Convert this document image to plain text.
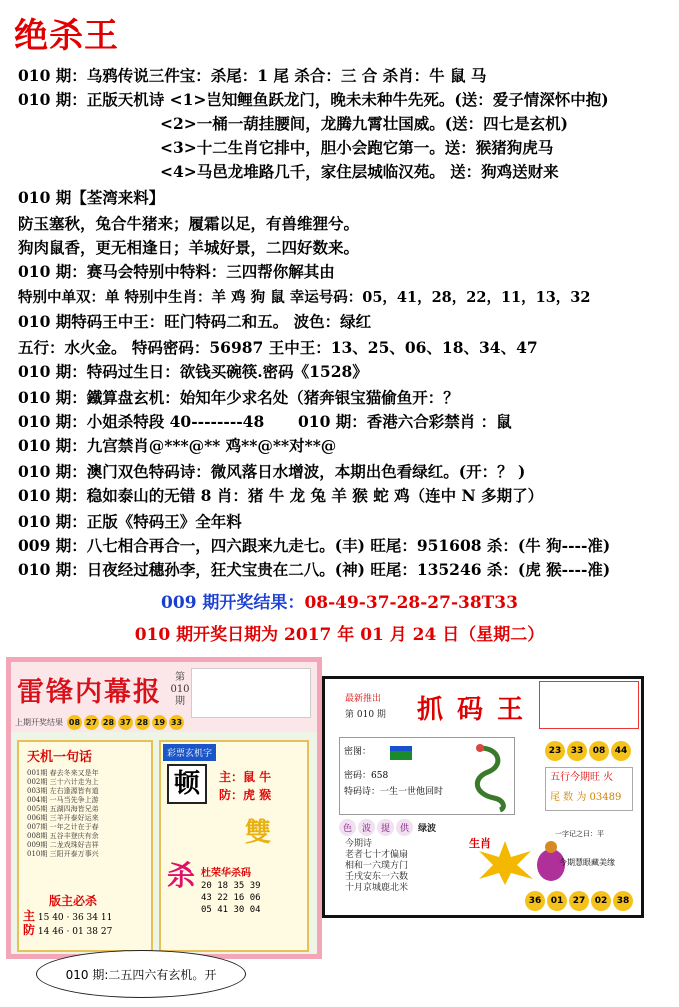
绝杀王
010 期：乌鸦传说三件宝：杀尾：1 尾 杀合：三 合 杀肖：牛 鼠 马
010 期：正版天机诗 <1>岂知鲤鱼跃龙门，晚未未种牛先死。(送：爱子情深怀中抱)
<2>一桶一葫挂腰间，龙腾九霄壮国威。(送：四七是玄机)
<3>十二生肖它排中，胆小会跑它第一。送：猴猪狗虎马
<4>马邑龙堆路几千，家住层城临汉苑。 送：狗鸡送财来
010 期【荃湾来料】
防玉塞秋，兔合牛猪来；履霜以足，有兽维狸兮。
狗肉鼠香，更无相逢日；羊城好景，二四好数来。
010 期：赛马会特别中特料：三四帮你解其由
特别中单双：单 特别中生肖：羊 鸡 狗 鼠 幸运号码：05，41，28，22，11，13，32
010 期特码王中王：旺门特码二和五。 波色：绿红
五行：水火金。 特码密码：56987 王中王：13、25、06、18、34、47
010 期：特码过生日：欲钱买碗筷.密码《1528》
010 期：鐵算盘玄机：始知年少求名处（猪奔银宝猫偷鱼开：？
010 期：小姐杀特段 40--------48 010 期：香港六合彩禁肖 ：鼠
010 期：九宫禁肖@***@** 鸡**@**对**@
010 期：澳门双色特码诗：微风落日水增波，本期出色看绿红。(开：？ )
010 期：稳如泰山的无错 8 肖：猪 牛 龙 兔 羊 猴 蛇 鸡（连中 N 多期了）
010 期：正版《特码王》全年料
009 期：八七相合再合一，四六跟来九走七。(丰) 旺尾：951608 杀：(牛 狗----准)
010 期：日夜经过穗孙李，狂犬宝贵在二八。(神) 旺尾：135246 杀：(虎 猴----准)
009 期开奖结果：08-49-37-28-27-38T33
010 期开奖日期为 2017 年 01 月 24 日（星期二）
雷锋内幕报	第010期
上期开奖结果 08 27 28 37 28 19 33
天机一句话
001期 春去冬来又是年
002期 三十六计走为上
003期 左右逢源皆有道
004期 一马当先争上游
005期 五湖四海皆兄弟
006期 三羊开泰好运来
007期 一年之计在于春
008期 五谷丰登庆有余
009期 二龙戏珠好吉祥
010期 三阳开泰万事兴
版主必杀
主 15 40 · 36 34 11
防 14 46 · 01 38 27
彩票玄机字
顿	主：鼠 牛
防：虎 猴
雙
杀 杜荣华杀码
20 18 35 39
43 22 16 06
05 41 30 04
最新推出
第 010 期 抓码王
密图：
密码：658
特码诗：一生一世他回时
23	33	08	44
五行今期旺 火
尾 数 为 03489
色 波 提 供 绿波
今期诗
老者七十才偏扇
相和一六璞方门
壬戌安东一六数
十月京城鹿北米
生肖
一字记之曰：平
今期慧眼藏美缘
36	01	27	02	38
010 期:二五四六有玄机。开
